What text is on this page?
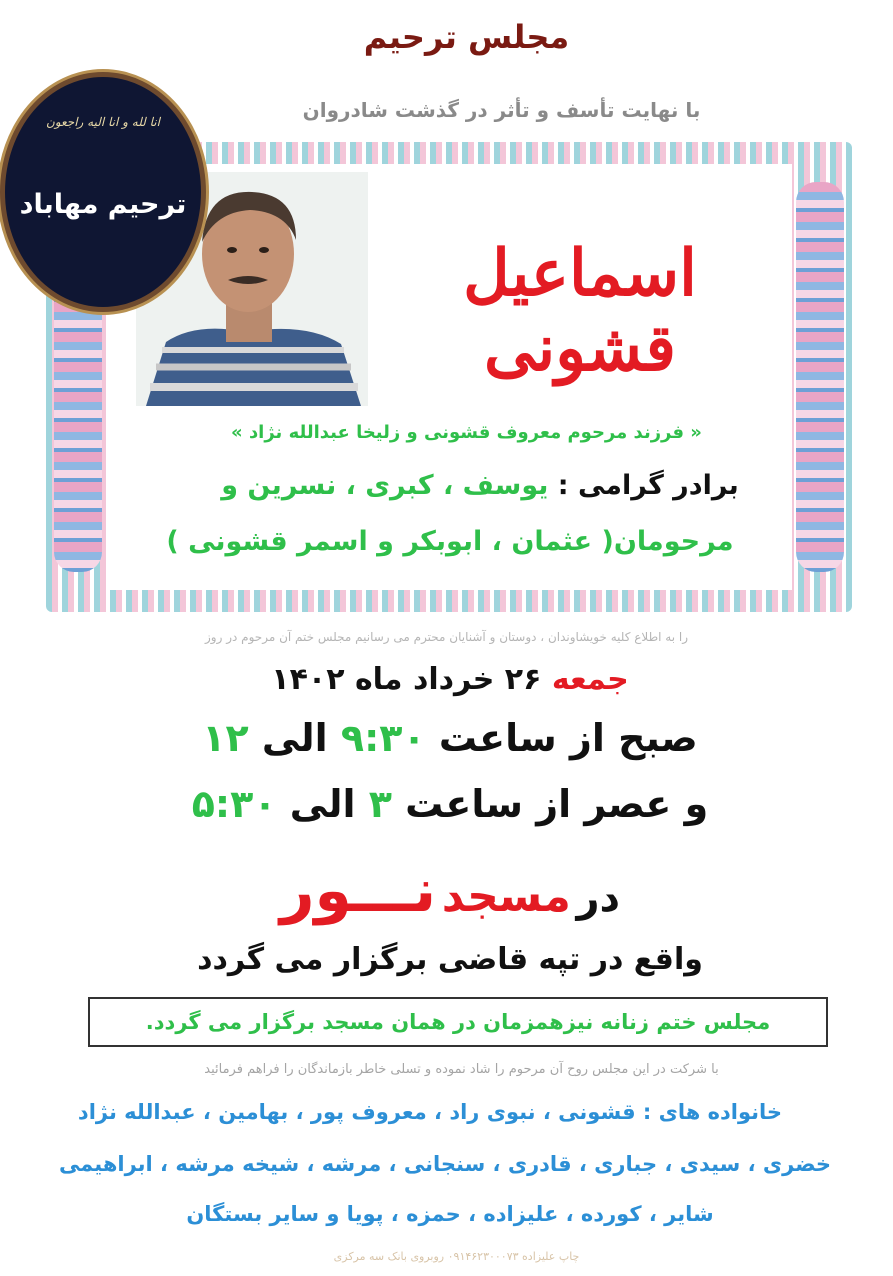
مجلس ترحیم
با نهایت تأسف و تأثر در گذشت شادروان
انا لله و انا الیه راجعون
ترحیم مهاباد
اسماعیل قشونی
« فرزند مرحوم معروف قشونی و زلیخا عبدالله نژاد »
برادر گرامی : یوسف ، کبری ، نسرین و
مرحومان( عثمان ، ابوبکر و اسمر قشونی )
را به اطلاع کلیه خویشاوندان ، دوستان و آشنایان محترم می رسانیم مجلس ختم آن مرحوم در روز
جمعه ۲۶ خرداد ماه ۱۴۰۲
صبح از ساعت ۹:۳۰ الی ۱۲
و عصر از ساعت ۳ الی ۵:۳۰
در مسجد نـــور
واقع در تپه قاضی برگزار می گردد
مجلس ختم زنانه نیزهمزمان در همان مسجد برگزار می گردد.
با شرکت در این مجلس روح آن مرحوم را شاد نموده و تسلی خاطر بازماندگان را فراهم فرمائید
خانواده های : قشونی ، نبوی راد ، معروف پور ، بهامین ، عبدالله نژاد
خضری ، سیدی ، جباری ، قادری ، سنجانی ، مرشه ، شیخه مرشه ، ابراهیمی
شایر ، کورده ، علیزاده ، حمزه ، پویا و سایر بستگان
چاپ علیزاده ۰۹۱۴۶۲۳۰۰۰۷۳ روبروی بانک سه مرکزی
